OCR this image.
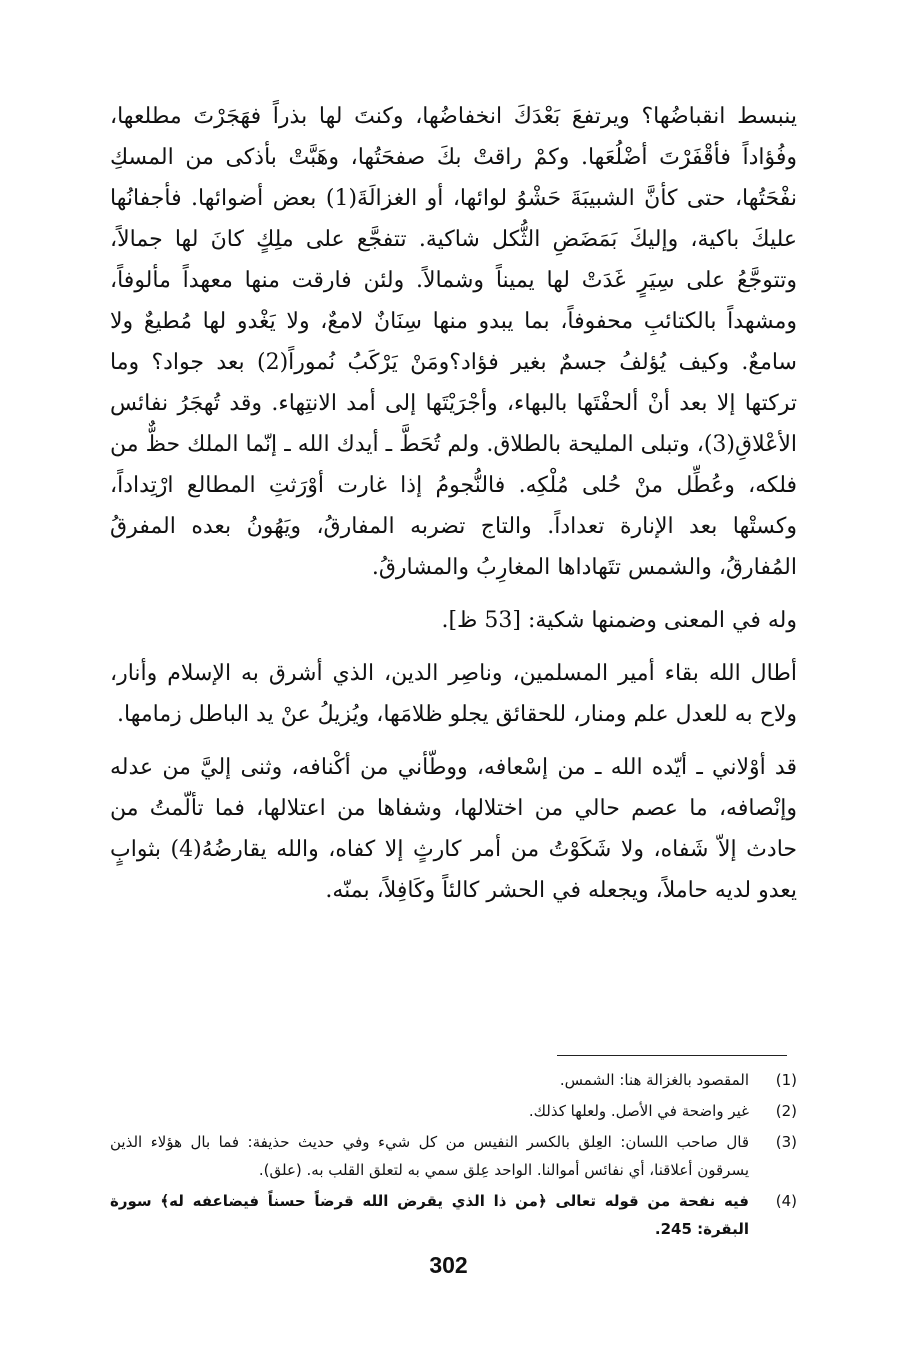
ينبسط انقباضُها؟ ويرتفعَ بَعْدَكَ انخفاضُها، وكنتَ لها بذراً فهَجَرْتَ مطلعها، وفُؤاداً فأقْفَرْتَ أضْلُعَها. وكمْ راقتْ بكَ صفحَتُها، وهَبَّتْ بأذكى من المسكِ نفْحَتُها، حتى كأنَّ الشبيبَةَ حَشْوُ لوائها، أو الغزالَةَ(1) بعض أضوائها. فأجفانُها عليكَ باكية، وإليكَ بَمَضَضِ الثُّكل شاكية. تتفجَّع على ملِكٍ كانَ لها جمالاً، وتتوجَّعُ على سِيَرٍ غَدَتْ لها يميناً وشمالاً. ولئن فارقت منها معهداً مألوفاً، ومشهداً بالكتائبِ محفوفاً، بما يبدو منها سِنَانٌ لامعٌ، ولا يَغْدو لها مُطيعٌ ولا سامعٌ. وكيف يُؤلفُ جسمٌ بغير فؤاد؟ومَنْ يَرْكَبُ نُموراً(2) بعد جواد؟ وما تركتها إلا بعد أنْ ألحفْتَها بالبهاء، وأجْرَيْتَها إلى أمد الانتِهاء. وقد تُهجَرُ نفائس الأعْلاقِ(3)، وتبلى المليحة بالطلاق. ولم تُحَطَّ ـ أيدك الله ـ إنّما الملك حظٌّ من فلكه، وعُطِّل منْ حُلى مُلْكِه. فالنُّجومُ إذا غارت أوْرَثتِ المطالع ارْتِداداً، وكستْها بعد الإنارة تعداداً. والتاج تضربه المفارقُ، ويَهُونُ بعده المفرقُ المُفارقُ، والشمس تتَهاداها المغارِبُ والمشارقُ.

وله في المعنى وضمنها شكية: [53 ظ].

أطال الله بقاء أمير المسلمين، وناصِر الدين، الذي أشرق به الإسلام وأنار، ولاح به للعدل علم ومنار، للحقائق يجلو ظلامَها، ويُزيلُ عنْ يد الباطل زمامها.

قد أوْلاني ـ أيّده الله ـ من إسْعافه، ووطّأني من أكْنافه، وثنى إليَّ من عدله وإنْصافه، ما عصم حالي من اختلالها، وشفاها من اعتلالها، فما تألّمتُ من حادث إلاّ شَفاه، ولا شَكَوْتُ من أمر كارثٍ إلا كفاه، والله يقارضُهُ(4) بثوابٍ يعدو لديه حاملاً، ويجعله في الحشر كالئاً وكَافِلاً، بمنّه.

(1)
المقصود بالغزالة هنا: الشمس.
(2)
غير واضحة في الأصل. ولعلها كذلك.
(3)
قال صاحب اللسان: العِلق بالكسر النفيس من كل شيء وفي حديث حذيفة: فما بال هؤلاء الذين يسرقون أعلاقنا، أي نفائس أموالنا. الواحد عِلق سمي به لتعلق القلب به. (علق).
(4)
فيه نفحة من قوله تعالى ﴿من ذا الذي يقرض الله قرضاً حسناً فيضاعفه له﴾ سورة البقرة: 245.
302
